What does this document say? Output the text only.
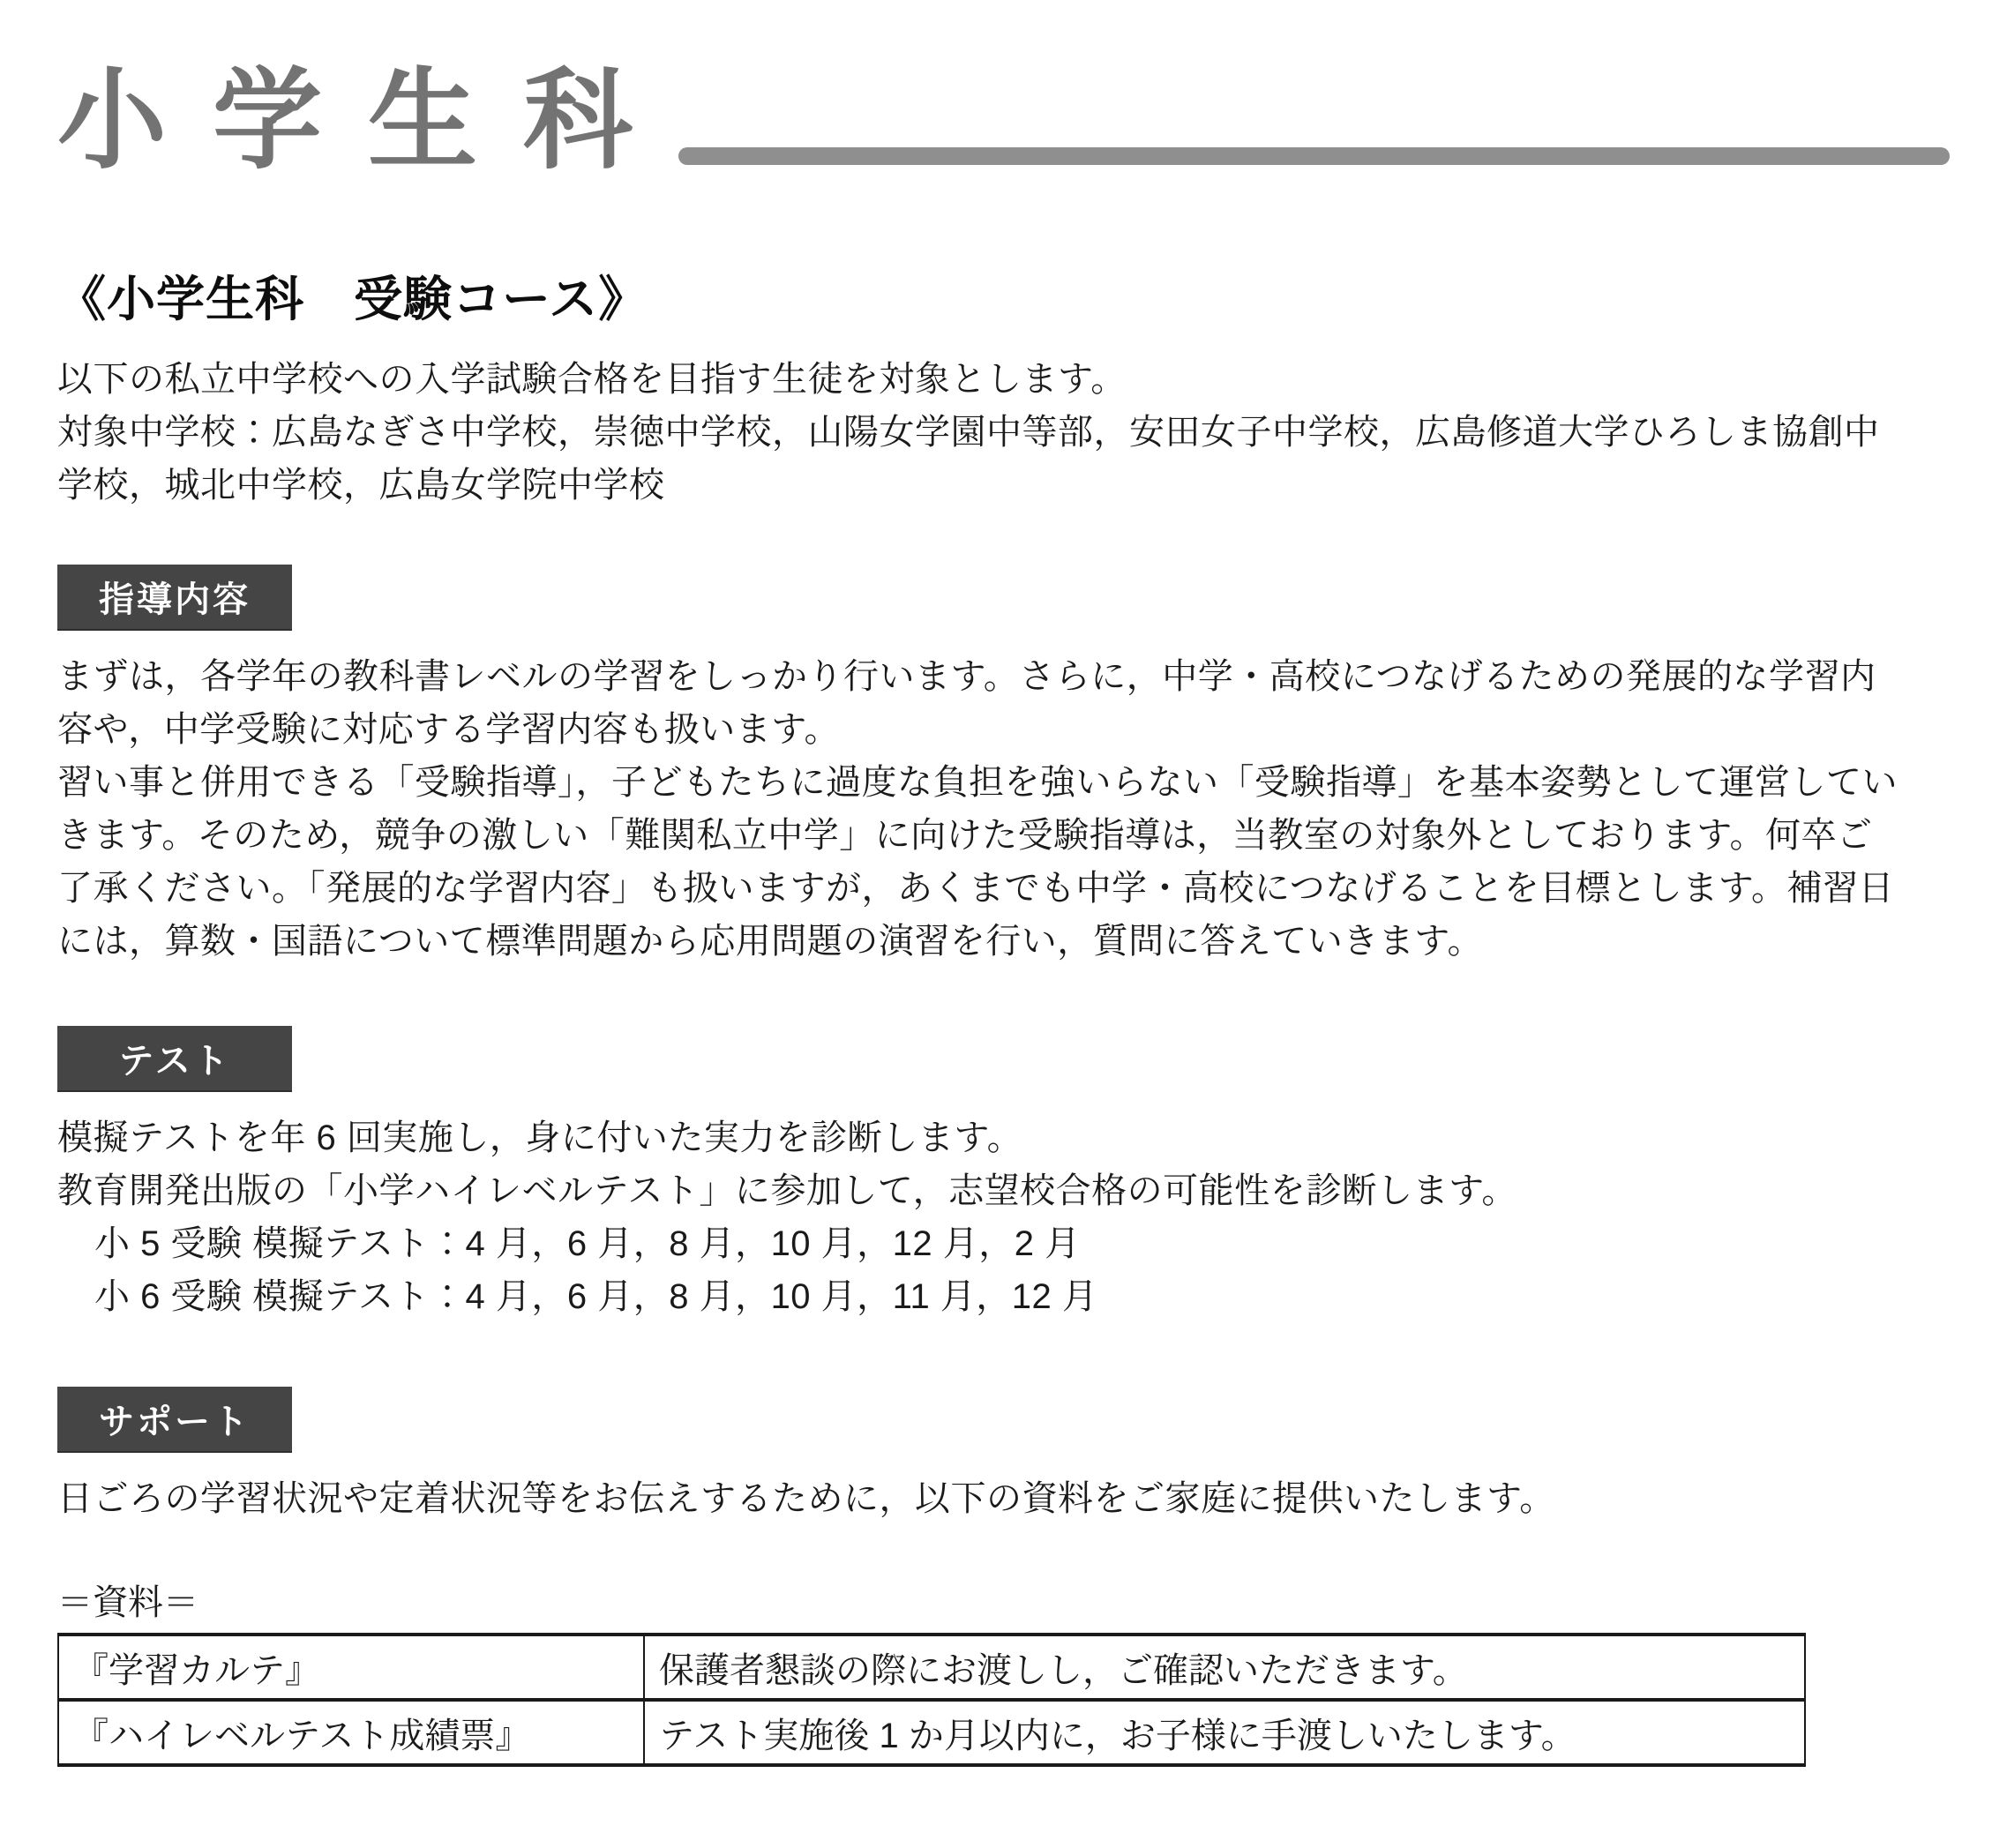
小学生科
《小学生科　受験コース》
以下の私立中学校への入学試験合格を目指す生徒を対象とします。
対象中学校：広島なぎさ中学校，崇徳中学校，山陽女学園中等部，安田女子中学校，広島修道大学ひろしま協創中
学校，城北中学校，広島女学院中学校
指導内容
まずは，各学年の教科書レベルの学習をしっかり行います。さらに，中学・高校につなげるための発展的な学習内
容や，中学受験に対応する学習内容も扱います。
習い事と併用できる「受験指導」，子どもたちに過度な負担を強いらない「受験指導」を基本姿勢として運営してい
きます。そのため，競争の激しい「難関私立中学」に向けた受験指導は，当教室の対象外としております。何卒ご
了承ください。「発展的な学習内容」も扱いますが，あくまでも中学・高校につなげることを目標とします。補習日
には，算数・国語について標準問題から応用問題の演習を行い，質問に答えていきます。
テスト
模擬テストを年 6 回実施し，身に付いた実力を診断します。
教育開発出版の「小学ハイレベルテスト」に参加して，志望校合格の可能性を診断します。
小 5 受験 模擬テスト：4 月，6 月，8 月，10 月，12 月，2 月
小 6 受験 模擬テスト：4 月，6 月，8 月，10 月，11 月，12 月
サポート
日ごろの学習状況や定着状況等をお伝えするために，以下の資料をご家庭に提供いたします。
＝資料＝
『学習カルテ』	保護者懇談の際にお渡しし，ご確認いただきます。
『ハイレベルテスト成績票』	テスト実施後 1 か月以内に，お子様に手渡しいたします。
